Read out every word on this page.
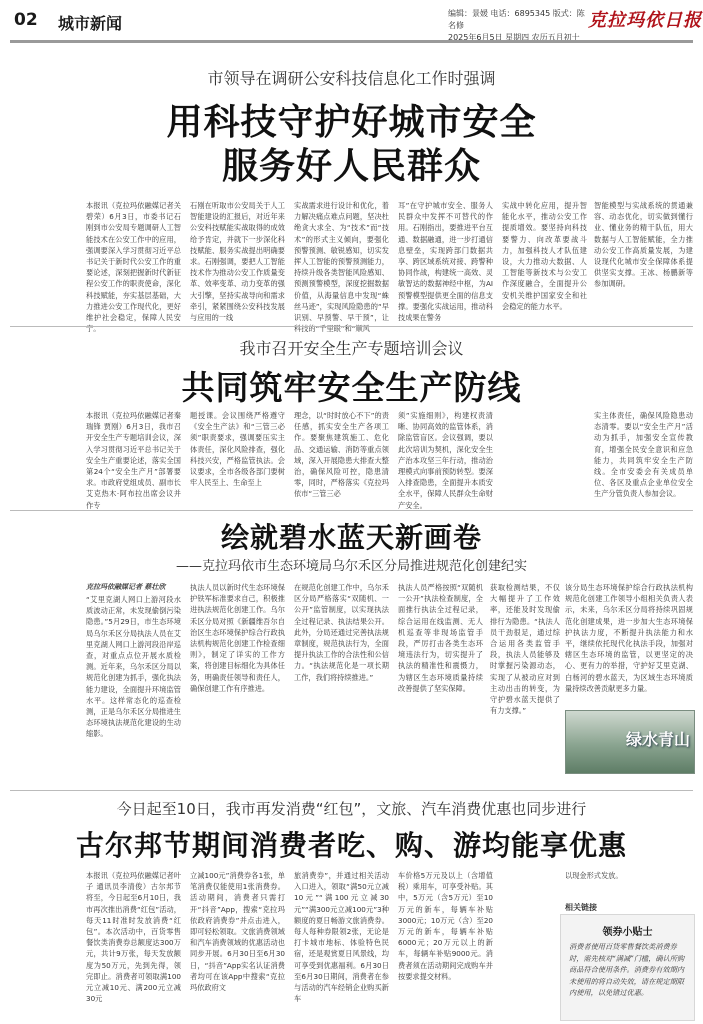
02 城市新闻
编辑：景媛 电话：6895345 版式：陈名修
2025年6月5日 星期四 农历五月初十
克拉玛依日报
市领导在调研公安科技信息化工作时强调
用科技守护好城市安全
服务好人民群众
本报讯（克拉玛依融媒记者关碧荣）6月3日，市委书记石刚到市公安局专题调研人工智能技术在公安工作中的应用，强调要深入学习贯彻习近平总书记关于新时代公安工作的重要论述，深刻把握新时代新征程公安工作的职责使命，深化科技赋能，夯实基层基础，大力推进公安工作现代化，更好维护社会稳定，保障人民安宁。
石刚在听取市公安局关于人工智能建设的汇报后，对近年来公安科技赋能实战取得的成效给予肯定，并就下一步深化科技赋能、服务实战提出明确要求。石刚强调，要把人工智能技术作为推动公安工作质量变革、效率变革、动力变革的强大引擎，坚持实战导向和需求牵引，紧紧围绕公安科技发展与应用的一线
实战需求进行设计和优化，着力解决痛点难点问题，坚决杜绝贪大求全、为“技术”而“技术”的形式主义倾向，要强化预警预测、敏锐感知，切实发挥人工智能的预警预测能力，持续升级各类智能风险感知、预测预警模型，深度挖掘数据价值，从海量信息中发现“蛛丝马迹”，实现风险隐患的“早识别、早预警、早干预”，让科技的“千里眼”和“顺风
耳”在守护城市安全、服务人民群众中发挥不可替代的作用。石刚指出，要推进平台互通、数据融通，进一步打通信息壁垒，实现跨部门数据共享、跨区域系统对接、跨警种协同作战，构建统一高效、灵敏智达的数据神经中枢，为AI预警模型提供更全面的信息支撑。要强化实战运用，推动科技成果在警务
实战中转化应用，提升智能化水平，推动公安工作提质增效。要坚持向科技要警力、向改革要战斗力，加强科技人才队伍建设，大力推动大数据、人工智能等新技术与公安工作深度融合，全面提升公安机关维护国家安全和社会稳定的能力水平。
智能模型与实战系统的贯通兼容、动态优化，切实做到懂行业、懂业务的精干队伍，用大数据与人工智能赋能，全力推动公安工作高质量发展，为建设现代化城市安全保障体系提供坚实支撑。王冰、杨鹏新等参加调研。
我市召开安全生产专题培训会议
共同筑牢安全生产防线
本报讯（克拉玛依融媒记者秦瑞锋 贾刚）6月3日，我市召开安全生产专题培训会议，深入学习贯彻习近平总书记关于安全生产重要论述，落实全国第24个“安全生产月”部署要求。市政府党组成员、副市长艾克热木·阿布拉出席会议并作专
题授课。会议围绕严格遵守《安全生产法》和“三管三必须”职责要求，强调要压实主体责任，深化风险排查，强化科技兴安，严格监管执法。会议要求，全市各级各部门要树牢人民至上、生命至上
理念，以“时时放心不下”的责任感，抓实安全生产各项工作。要聚焦建筑施工、危化品、交通运输、消防等重点领域，深入开展隐患大排查大整治，确保风险可控，隐患清零，同时，严格落实《克拉玛依市“三管三必
须”实施细则》，构建权责清晰、协同高效的监管体系，消除监管盲区。会议强调，要以此次培训为契机，深化安全生产治本攻坚三年行动，推动治理模式向事前预防转型。要深入排查隐患，全面提升本质安全水平，保障人民群众生命财产安全。
实主体责任，确保风险隐患动态清零。要以“安全生产月”活动为抓手，加强安全宣传教育，增强全民安全意识和应急能力，共同筑牢安全生产防线。全市安委会有关成员单位、各区及重点企业单位安全生产分管负责人参加会议。
绘就碧水蓝天新画卷
——克拉玛依市生态环境局乌尔禾区分局推进规范化创建纪实
克拉玛依融媒记者 蔡壮欣
“艾里克湖人网口上游河段水质波动正常，未发现偷倒污染隐患。”5月29日，市生态环境局乌尔禾区分局执法人员在艾里克湖人网口上游河段沿岸巡查，对重点点位开展水质检测。近年来，乌尔禾区分局以规范化创建为抓手，强化执法能力建设，全面提升环境监管水平。这样常态化的巡查检测，正是乌尔禾区分局推进生态环境执法规范化建设的生动缩影。
执法人员以新时代生态环境保护铁军标准要求自己，积极推进执法规范化创建工作。乌尔禾区分局对照《新疆维吾尔自治区生态环境保护综合行政执法机构规范化创建工作检查细则》，制定了详实的工作方案，将创建目标细化为具体任务，明确责任领导和责任人，确保创建工作有序推进。
在规范化创建工作中，乌尔禾区分局严格落实“双随机、一公开”监管制度，以实现执法全过程记录、执法结果公开。此外，分局还通过完善执法规章制度，规范执法行为，全面提升执法工作的合法性和公信力。“执法规范化是一项长期工作，我们将持续推进。”
执法人员严格按照“双随机一公开”执法检查制度，全面推行执法全过程记录，综合运用在线监测、无人机巡查等非现场监管手段，严厉打击各类生态环境违法行为，切实提升了执法的精准性和震慑力，为辖区生态环境质量持续改善提供了坚实保障。
获取检测结果，不仅大幅提升了工作效率，还能及时发现偷排行为隐患。“执法人员干劲很足，通过综合运用各类监管手段，执法人员能够及时掌握污染源动态，实现了从被动应对到主动出击的转变，为守护碧水蓝天提供了有力支撑。”
该分局生态环境保护综合行政执法机构规范化创建工作领导小组相关负责人表示，未来，乌尔禾区分局将持续巩固规范化创建成果，进一步加大生态环境保护执法力度，不断提升执法能力和水平，继续依托现代化执法手段，加强对辖区生态环境的监管，以更坚定的决心、更有力的举措，守护好艾里克湖、白杨河的碧水蓝天，为区域生态环境质量持续改善贡献更多力量。
绿水青山
今日起至10日，我市再发消费“红包”，文旅、汽车消费优惠也同步进行
古尔邦节期间消费者吃、购、游均能享优惠
本报讯（克拉玛依融媒记者叶子 通讯员李清俊）古尔邦节将至，今日起至6月10日，我市再次推出消费“红包”活动，每天11时准时发放消费“红包”。本次活动中，百货零售餐饮类消费券总额度达300万元，共计9万张，每天发放额度为50万元，先到先得，领完即止。消费者可领取满100元立减10元、满200元立减30元
立减100元”消费券各1张，单笔消费仅能使用1张消费券。活动期间，消费者只需打开“抖音”App，搜索“克拉玛依政府消费券”并点击进入，即可轻松领取。文旅消费领域和汽车消费领域的优惠活动也同步开展。6月30日至6月30日，“抖音”App实名认证消费者均可在该App中搜索“克拉玛依政府文
旅消费券”，并通过相关活动入口进入，领取“满50元立减10元”“满100元立减30元”“满300元立减100元”3种额度的夏日畅游文旅消费券。每人每种券限领2张，无论是打卡城市地标、体验特色民宿，还是观赏夏日风景线，均可享受到优惠福利。6月30日至6月30日期间，消费者在参与活动的汽车经销企业购买新车
车价格5万元及以上（含增值税）乘用车，可享受补贴。其中，5万元（含5万元）至10万元的新车，每辆车补贴3000元；10万元（含）至20万元的新车，每辆车补贴6000元；20万元以上的新车，每辆车补贴9000元。消费者须在活动期间完成购车并按要求提交材料。
以现金形式发放。
相关链接
领券小贴士
消费者使用百货零售餐饮类消费券时，需先核对“满减”门槛，确认所购商品符合使用条件。消费券有效期内未使用的将自动失效，请在规定期限内使用，以免错过优惠。
